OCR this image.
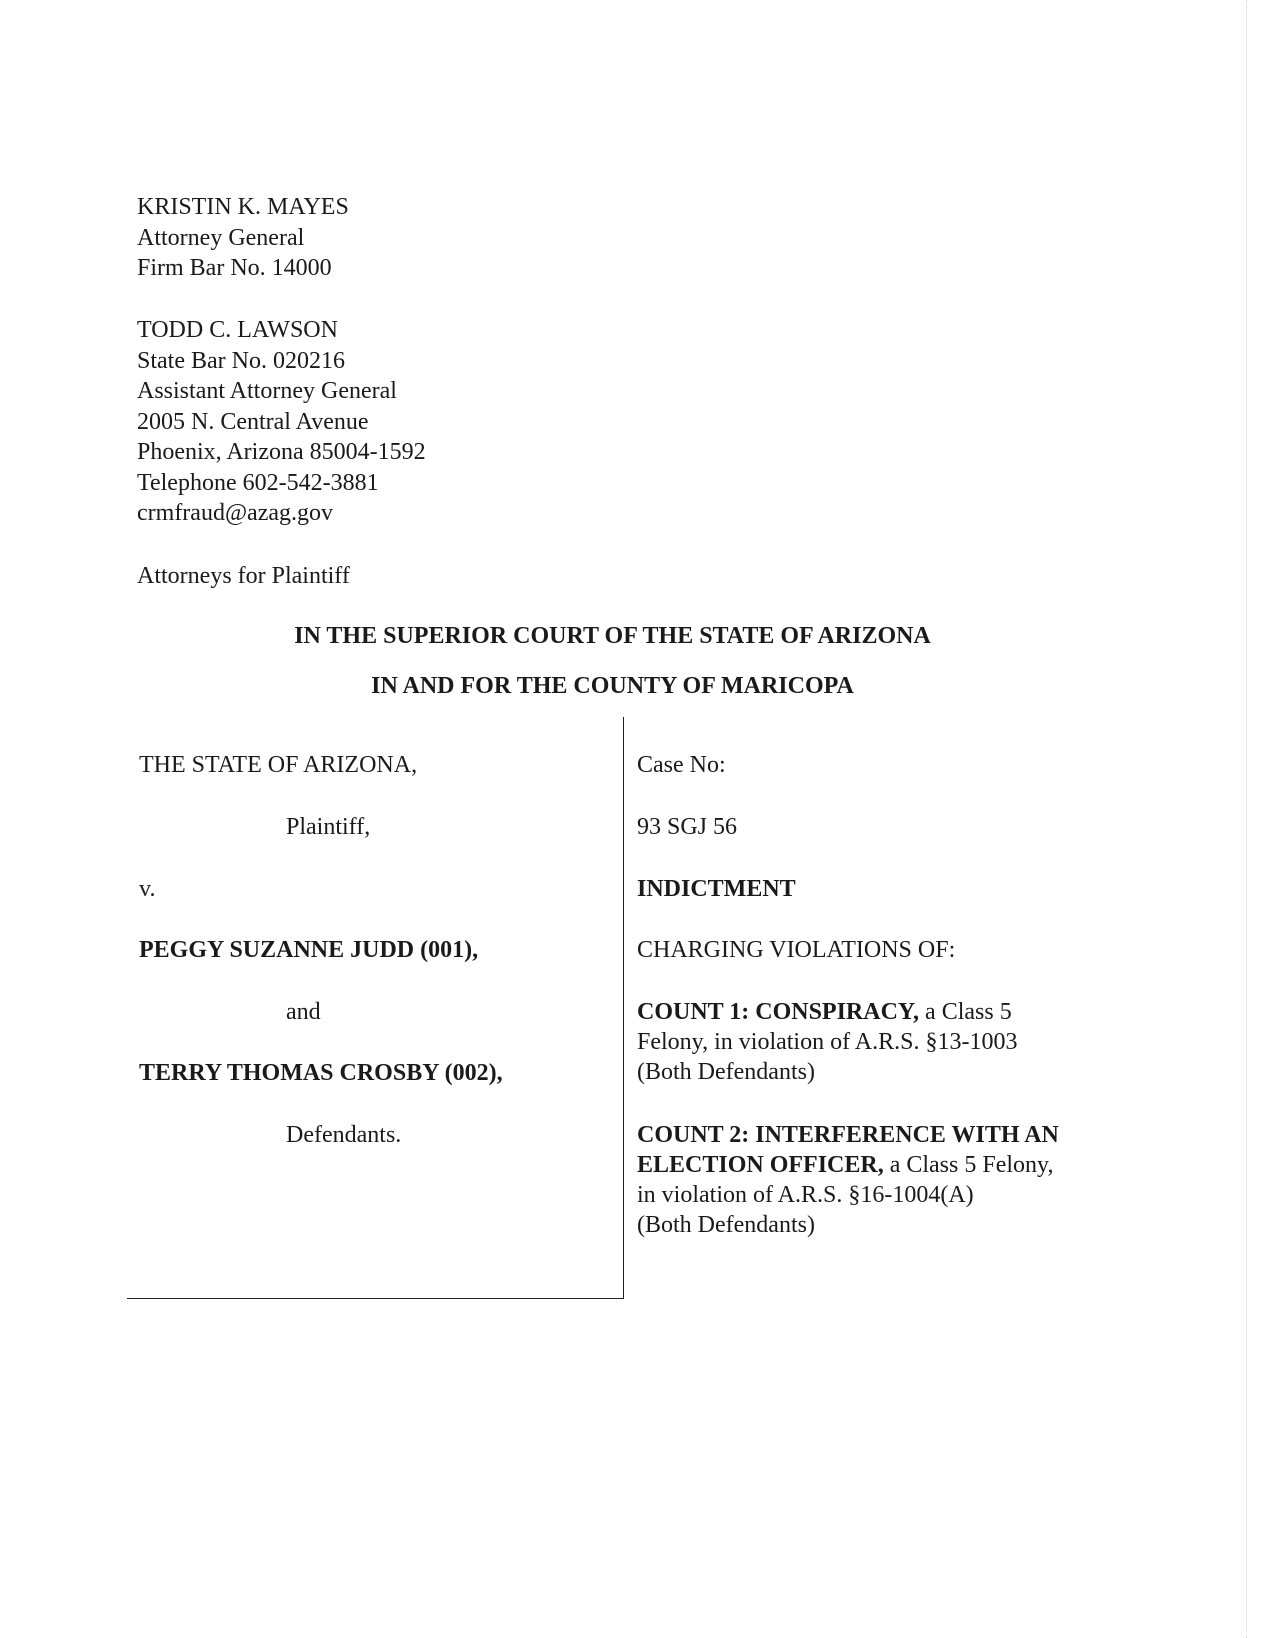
KRISTIN K. MAYES
Attorney General
Firm Bar No. 14000
TODD C. LAWSON
State Bar No. 020216
Assistant Attorney General
2005 N. Central Avenue
Phoenix, Arizona 85004-1592
Telephone 602-542-3881
crmfraud@azag.gov

Attorneys for Plaintiff

IN THE SUPERIOR COURT OF THE STATE OF ARIZONA

IN AND FOR THE COUNTY OF MARICOPA

THE STATE OF ARIZONA,

Plaintiff,

v.

PEGGY SUZANNE JUDD (001),

and

TERRY THOMAS CROSBY (002),

Defendants.

Case No:

93 SGJ 56

INDICTMENT

CHARGING VIOLATIONS OF:

COUNT 1: CONSPIRACY, a Class 5
Felony, in violation of A.R.S. §13-1003
(Both Defendants)
COUNT 2: INTERFERENCE WITH AN
ELECTION OFFICER, a Class 5 Felony,
in violation of A.R.S. §16-1004(A)
(Both Defendants)
